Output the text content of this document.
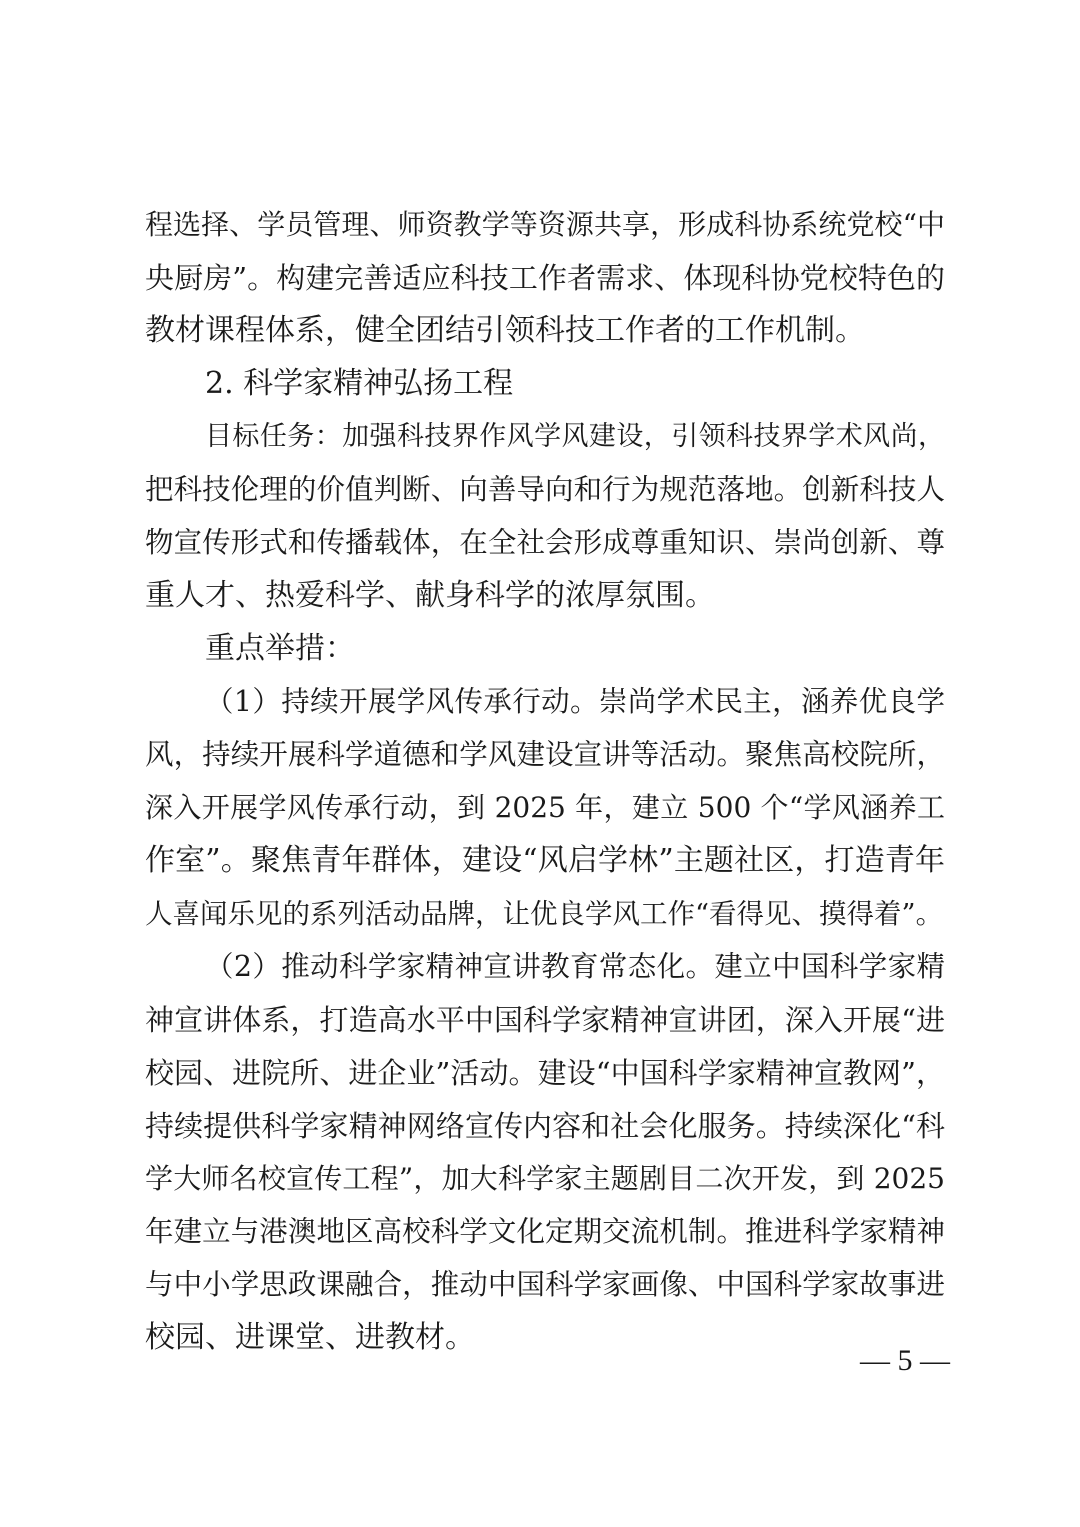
程选择、学员管理、师资教学等资源共享，形成科协系统党校“中
央厨房”。构建完善适应科技工作者需求、体现科协党校特色的
教材课程体系，健全团结引领科技工作者的工作机制。
2. 科学家精神弘扬工程
目标任务：加强科技界作风学风建设，引领科技界学术风尚，
把科技伦理的价值判断、向善导向和行为规范落地。创新科技人
物宣传形式和传播载体，在全社会形成尊重知识、崇尚创新、尊
重人才、热爱科学、献身科学的浓厚氛围。
重点举措：
（1）持续开展学风传承行动。崇尚学术民主，涵养优良学
风，持续开展科学道德和学风建设宣讲等活动。聚焦高校院所，
深入开展学风传承行动，到 2025 年，建立 500 个“学风涵养工
作室”。聚焦青年群体，建设“风启学林”主题社区，打造青年
人喜闻乐见的系列活动品牌，让优良学风工作“看得见、摸得着”。
（2）推动科学家精神宣讲教育常态化。建立中国科学家精
神宣讲体系，打造高水平中国科学家精神宣讲团，深入开展“进
校园、进院所、进企业”活动。建设“中国科学家精神宣教网”，
持续提供科学家精神网络宣传内容和社会化服务。持续深化“科
学大师名校宣传工程”，加大科学家主题剧目二次开发，到 2025
年建立与港澳地区高校科学文化定期交流机制。推进科学家精神
与中小学思政课融合，推动中国科学家画像、中国科学家故事进
校园、进课堂、进教材。
— 5 —
